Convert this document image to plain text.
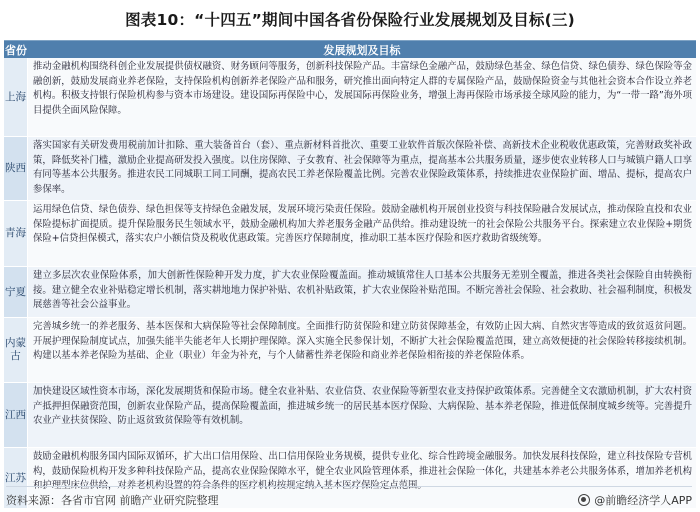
图表10：“十四五”期间中国各省份保险行业发展规划及目标(三)
省份	发展规划及目标
上海
推动金融机构围绕科创企业发展提供债权融资、财务顾问等服务，创新科技保险产品。丰富绿色金融产品，鼓励绿色基金、绿色信贷、绿色债券、绿色保险等金融创新，鼓励发展商业养老保险，支持保险机构创新养老保险产品和服务，研究推出面向特定人群的专属保险产品，鼓励保险资金与其他社会资本合作设立养老机构。积极支持银行保险机构参与资本市场建设。建设国际再保险中心，发展国际再保险业务，增强上海再保险市场承接全球风险的能力，为“一带一路”海外项目提供全面风险保障。
陕西
落实国家有关研发费用税前加计扣除、重大装备首台（套）、重点新材料首批次、重要工业软件首版次保险补偿、高新技术企业税收优惠政策，完善财政奖补政策，降低奖补门槛，激励企业提高研发投入强度。以住房保障、子女教育、社会保障等为重点，提高基本公共服务质量，逐步使农业转移人口与城镇户籍人口享有同等基本公共服务。推进农民工同城职工同工同酬，提高农民工养老保险覆盖比例。完善农业保险政策体系，持续推进农业保险扩面、增品、提标，提高农户参保率。
青海
运用绿色信贷、绿色债券、绿色担保等支持绿色金融发展，发展环境污染责任保险。鼓励金融机构开展创业投资与科技保险融合发展试点，推动保险直投和农业保险提标扩面提质。提升保险服务民生领域水平，鼓励金融机构加大养老服务金融产品供给。推动建设统一的社会保险公共服务平台。探索建立农业保险+期货保险+信贷担保模式，落实农户小额信贷及税收优惠政策。完善医疗保障制度，推动职工基本医疗保险和医疗救助省级统筹。
宁夏
建立多层次农业保险体系，加大创新性保险种开发力度，扩大农业保险覆盖面。推动城镇常住人口基本公共服务无差别全覆盖，推进各类社会保险自由转换衔接。建立健全农业补贴稳定增长机制，落实耕地地力保护补贴、农机补贴政策，扩大农业保险补贴范围。不断完善社会保险、社会救助、社会福利制度，积极发展慈善等社会公益事业。
内蒙古
完善城乡统一的养老服务、基本医保和大病保险等社会保障制度。全面推行防贫保险和建立防贫保障基金，有效防止因大病、自然灾害等造成的致贫返贫问题。开展护理保险制度试点，加强失能半失能老年人长期护理保障。深入实施全民参保计划，不断扩大社会保险覆盖范围，建立高效便捷的社会保险转移接续机制。构建以基本养老保险为基础、企业（职业）年金为补充，与个人储蓄性养老保险和商业养老保险相衔接的养老保险体系。
江西
加快建设区域性资本市场，深化发展期货和保险市场。健全农业补贴、农业信贷、农业保险等新型农业支持保护政策体系。完善健全文农激励机制，扩大农村资产抵押担保融资范围，创新农业保险产品，提高保险覆盖面，推进城乡统一的居民基本医疗保险、大病保险、基本养老保险，推进低保制度城乡统等。完善提升农业产业扶贫保险、防止返贫致贫保险等有效机制。
江苏
鼓励金融机构服务国内国际双循环，扩大出口信用保险、出口信用保险业务规模，提供专业化、综合性跨境金融服务。加快发展科技保险，建立科技保险专营机构，鼓励保险机构开发多种科技保险产品，提高农业保险保障水平，健全农业风险管理体系，推进社会保险一体化，共建基本养老公共服务体系，增加养老机构和护理型床位供给，对养老机构设置的符合条件的医疗机构按规定纳入基本医疗保险定点范围。
资料来源：各省市官网 前瞻产业研究院整理	@前瞻经济学人APP
